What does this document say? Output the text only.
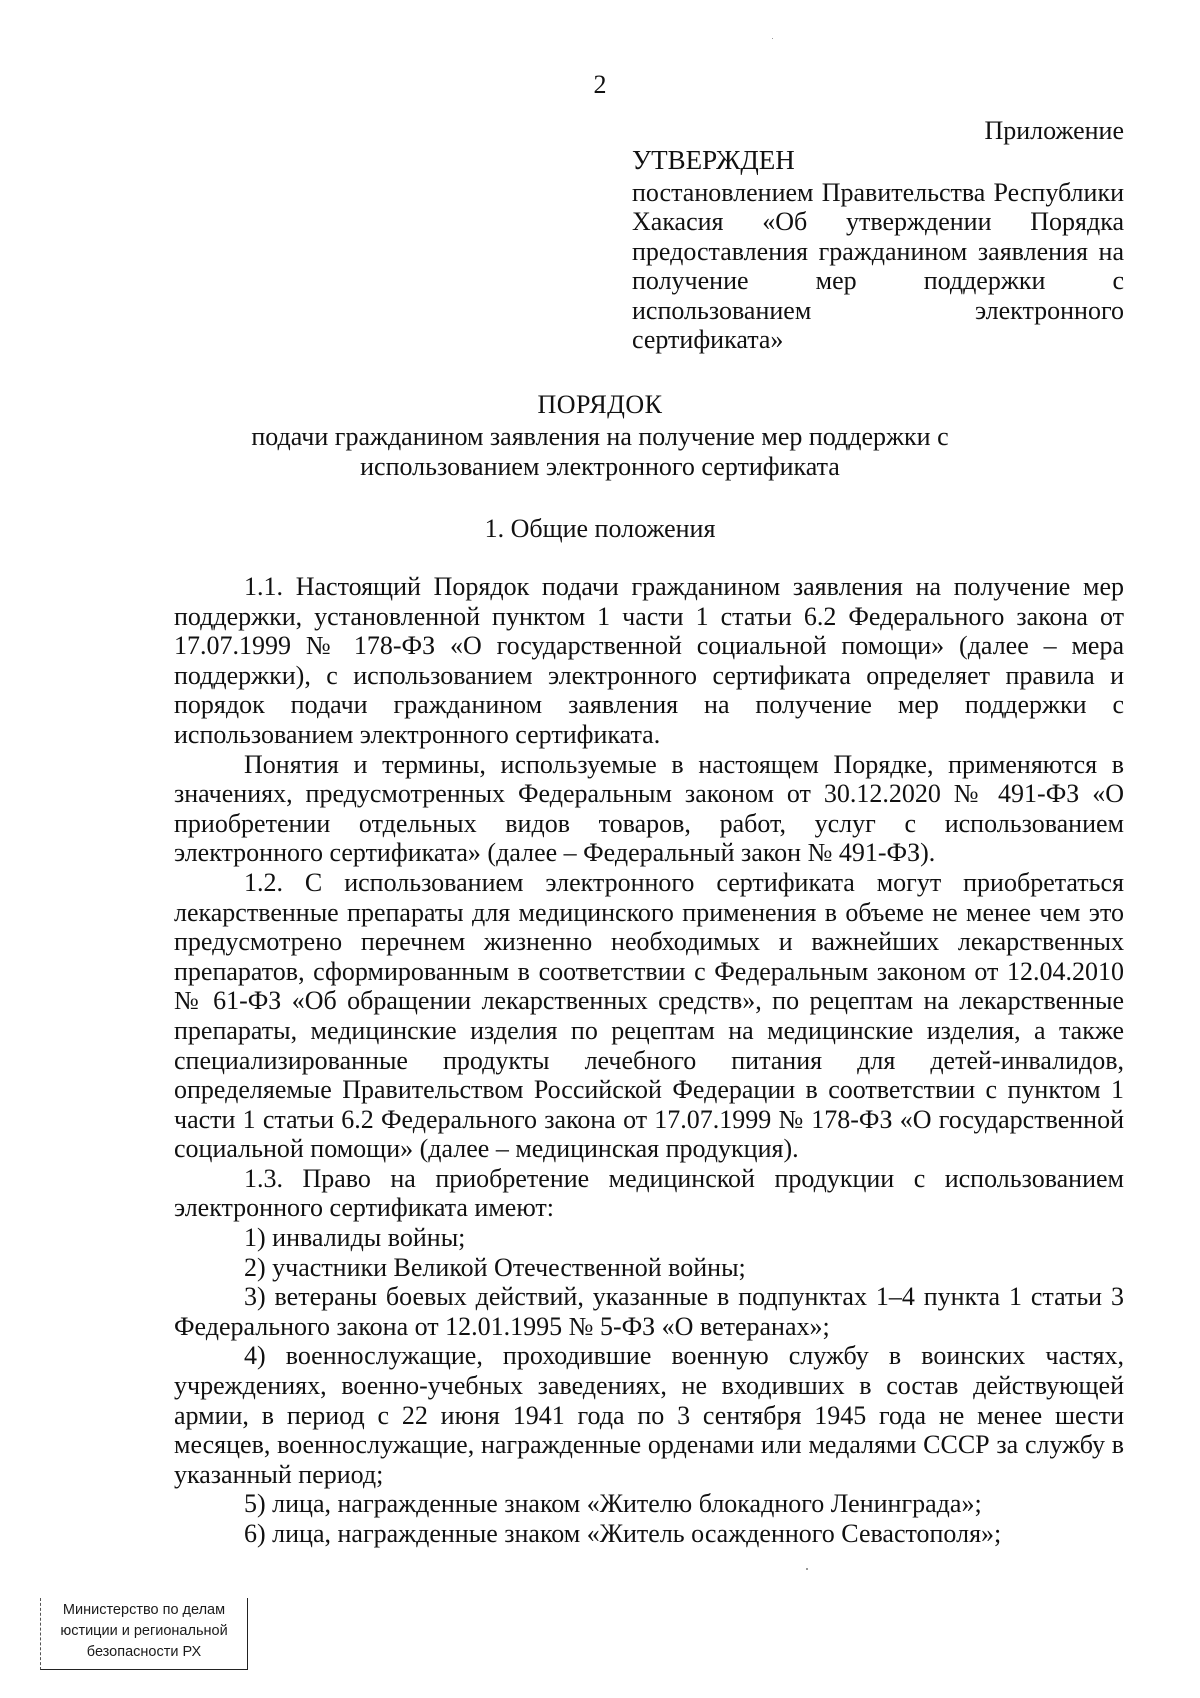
2
Приложение
УТВЕРЖДЕН
постановлением Правительства Республики Хакасия «Об утверждении Порядка предоставления гражданином заявления на получение мер поддержки с использованием электронного сертификата»
ПОРЯДОК
подачи гражданином заявления на получение мер поддержки с использованием электронного сертификата
1. Общие положения

1.1. Настоящий Порядок подачи гражданином заявления на получение мер поддержки, установленной пунктом 1 части 1 статьи 6.2 Федерального закона от 17.07.1999 № 178-ФЗ «О государственной социальной помощи» (далее – мера поддержки), с использованием электронного сертификата определяет правила и порядок подачи гражданином заявления на получение мер поддержки с использованием электронного сертификата.

Понятия и термины, используемые в настоящем Порядке, применяются в значениях, предусмотренных Федеральным законом от 30.12.2020 № 491-ФЗ «О приобретении отдельных видов товаров, работ, услуг с использованием электронного сертификата» (далее – Федеральный закон № 491-ФЗ).

1.2. С использованием электронного сертификата могут приобретаться лекарственные препараты для медицинского применения в объеме не менее чем это предусмотрено перечнем жизненно необходимых и важнейших лекарственных препаратов, сформированным в соответствии с Федеральным законом от 12.04.2010 № 61-ФЗ «Об обращении лекарственных средств», по рецептам на лекарственные препараты, медицинские изделия по рецептам на медицинские изделия, а также специализированные продукты лечебного питания для детей-инвалидов, определяемые Правительством Российской Федерации в соответствии с пунктом 1 части 1 статьи 6.2 Федерального закона от 17.07.1999 № 178-ФЗ «О государственной социальной помощи» (далее – медицинская продукция).

1.3. Право на приобретение медицинской продукции с использованием электронного сертификата имеют:

1) инвалиды войны;

2) участники Великой Отечественной войны;

3) ветераны боевых действий, указанные в подпунктах 1–4 пункта 1 статьи 3 Федерального закона от 12.01.1995 № 5-ФЗ «О ветеранах»;

4) военнослужащие, проходившие военную службу в воинских частях, учреждениях, военно-учебных заведениях, не входивших в состав действующей армии, в период с 22 июня 1941 года по 3 сентября 1945 года не менее шести месяцев, военнослужащие, награжденные орденами или медалями СССР за службу в указанный период;

5) лица, награжденные знаком «Жителю блокадного Ленинграда»;

6) лица, награжденные знаком «Житель осажденного Севастополя»;

Министерство по делам
юстиции и региональной
безопасности РХ
